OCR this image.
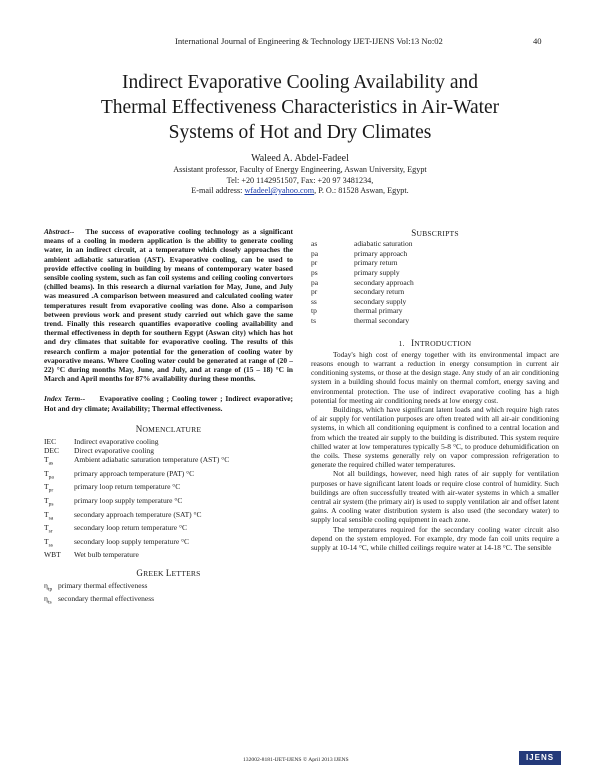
International Journal of Engineering & Technology IJET-IJENS Vol:13 No:02	40
Indirect Evaporative Cooling Availability and
Thermal Effectiveness Characteristics in Air-Water
Systems of Hot and Dry Climates
Waleed A. Abdel-Fadeel
Assistant professor, Faculty of Energy Engineering, Aswan University, Egypt
Tel: +20 1142951507, Fax: +20 97 3481234,
E-mail address: wfadeel@yahoo.com, P. O.: 81528 Aswan, Egypt.

Abstract-- The success of evaporative cooling technology as a significant means of a cooling in modern application is the ability to generate cooling water, in an indirect circuit, at a temperature which closely approaches the ambient adiabatic saturation (AST). Evaporative cooling, can be used to provide effective cooling in building by means of contemporary water based sensible cooling system, such as fan coil systems and ceiling cooling convertors (chilled beams). In this research a diurnal variation for May, June, and July was measured .A comparison between measured and calculated cooling water temperatures result from evaporative cooling was done. Also a comparison between previous work and present study carried out which gave the same trend. Finally this research quantifies evaporative cooling availability and thermal effectiveness in depth for southern Egypt (Aswan city) which has hot and dry climates that suitable for evaporative cooling. The results of this research confirm a major potential for the generation of cooling water by evaporative means. Where Cooling water could be generated at range of (20 – 22) °C during months May, June, and July, and at range of (15 – 18) °C in March and April months for 87% availability during these months.

Index Term-- Evaporative cooling ; Cooling tower ; Indirect evaporative; Hot and dry climate; Availability; Thermal effectiveness.

NOMENCLATURE
IEC	Indirect evaporative cooling
DEC	Direct evaporative cooling
$T_{as}$	Ambient adiabatic saturation temperature (AST) °C
$T_{pa}$	primary approach temperature (PAT) °C
$T_{pr}$	primary loop return temperature °C
$T_{ps}$	primary loop supply temperature °C
$T_{sa}$	secondary approach temperature (SAT) °C
$T_{sr}$	secondary loop return temperature °C
$T_{ss}$	secondary loop supply temperature °C
WBT	Wet bulb temperature
GREEK LETTERS
$\eta_{tp}$ primary thermal effectiveness
$\eta_{ts}$ secondary thermal effectiveness
SUBSCRIPTS
as	adiabatic saturation
pa	primary approach
pr	primary return
ps	primary supply
pa	secondary approach
pr	secondary return
ss	secondary supply
tp	thermal primary
ts	thermal secondary
1. INTRODUCTION

Today's high cost of energy together with its environmental impact are reasons enough to warrant a reduction in energy consumption in current air conditioning systems, or those at the design stage. Any study of an air conditioning system in a building should focus mainly on thermal comfort, energy saving and environmental protection. The use of indirect evaporative cooling has a high potential for meeting air conditioning needs at low energy cost.

Buildings, which have significant latent loads and which require high rates of air supply for ventilation purposes are often treated with all air-air conditioning systems, in which all conditioning equipment is confined to a central location and from which the treated air supply to the building is distributed. This system require chilled water at low temperatures typically 5-8 °C, to produce dehumidification on the coils. These systems generally rely on vapor compression refrigeration to generate the required chilled water temperatures.

Not all buildings, however, need high rates of air supply for ventilation purposes or have significant latent loads or require close control of humidity. Such buildings are often successfully treated with air-water systems in which a smaller central air system (the primary air) is used to supply ventilation air and offset latent gains. A cooling water distribution system is also used (the secondary water) to supply local sensible cooling equipment in each zone.

The temperatures required for the secondary cooling water circuit also depend on the system employed. For example, dry mode fan coil units require a supply at 10-14 °C, while chilled ceilings require water at 14-18 °C. The sensible

132002-8181-IJET-IJENS © April 2013 IJENS	IJENS
